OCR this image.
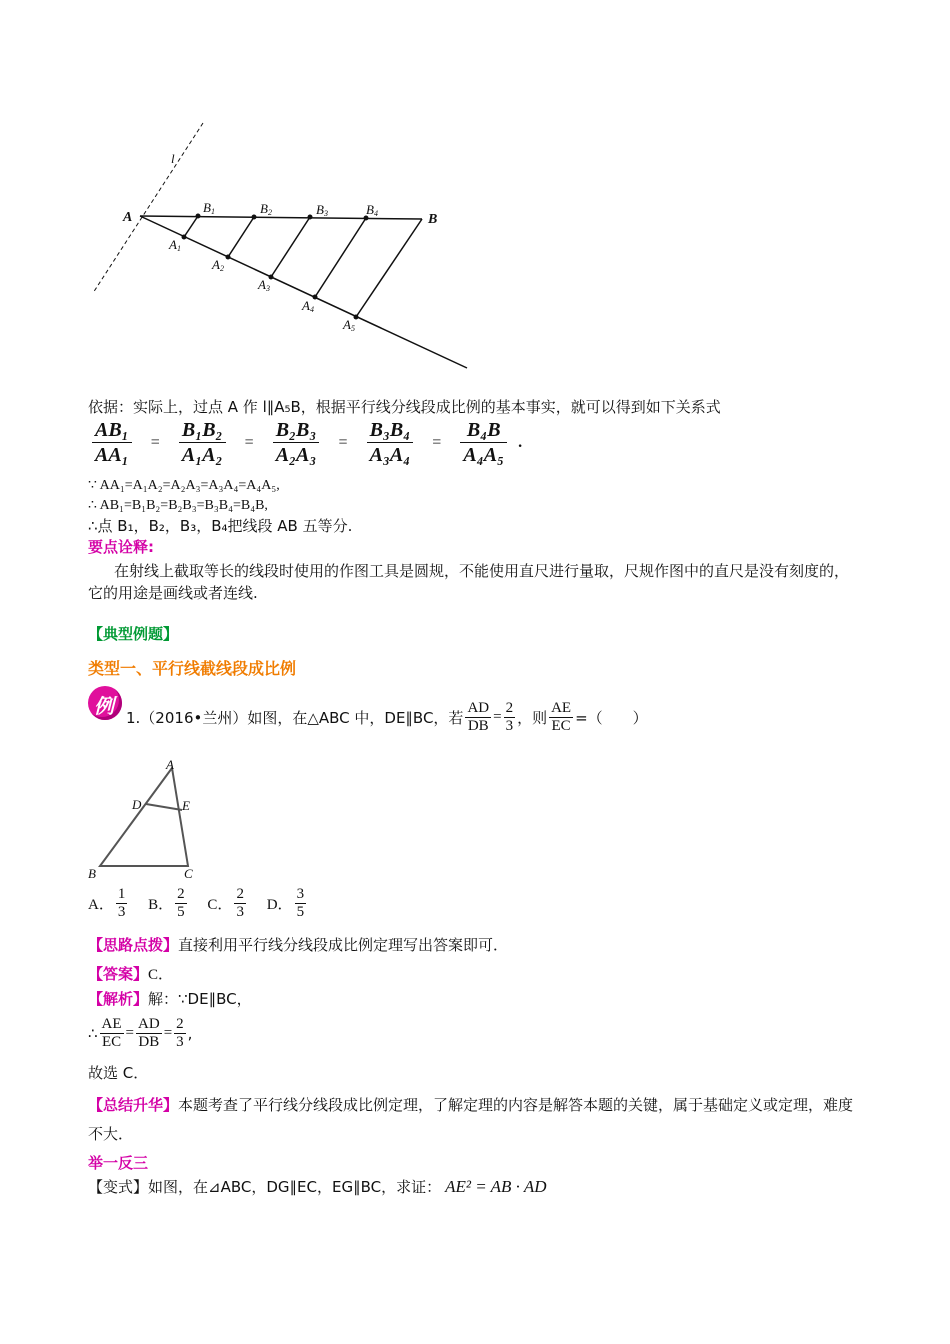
l
A	B
B1	B2	B3	B4
A1
A2
A3
A4
A5
依据：实际上，过点 A 作 l∥A₅B，根据平行线分线段成比例的基本事实，就可以得到如下关系式
$\frac{\text{AB₁}}{\text{AA₁}} = \frac{\text{B₁B₂}}{\text{A₁A₂}} = \frac{\text{B₂B₃}}{\text{A₂A₃}} = \frac{\text{B₃B₄}}{\text{A₃A₄}} = \frac{\text{B₄B}}{\text{A₄A₅}}$ .
∵ AA₁=A₁A₂=A₂A₃=A₃A₄=A₄A₅,
∴ AB₁=B₁B₂=B₂B₃=B₃B₄=B₄B,
∴点 B₁，B₂，B₃，B₄把线段 AB 五等分.
要点诠释:
在射线上截取等长的线段时使用的作图工具是圆规，不能使用直尺进行量取，尺规作图中的直尺是没有刻度的，它的用途是画线或者连线.
【典型例题】
类型一、平行线截线段成比例
例 1.（2016•兰州）如图，在△ABC 中，DE∥BC，若 $\frac{AD}{DB} = \frac{2}{3}$ ，则 $\frac{AE}{EC}$ =（　　）
A
D	E
B	C
A． $\frac{1}{3}$ B． $\frac{2}{5}$ C． $\frac{2}{3}$ D． $\frac{3}{5}$
【思路点拨】直接利用平行线分线段成比例定理写出答案即可．
【答案】C．
【解析】解：∵DE∥BC，
∴ $\frac{AE}{EC} = \frac{AD}{DB} = \frac{2}{3}$ ,
故选 C．
【总结升华】本题考查了平行线分线段成比例定理，了解定理的内容是解答本题的关键，属于基础定义或定理，难度不大．
举一反三
【变式】如图，在⊿ABC，DG∥EC，EG∥BC，求证： AE² = AB · AD
